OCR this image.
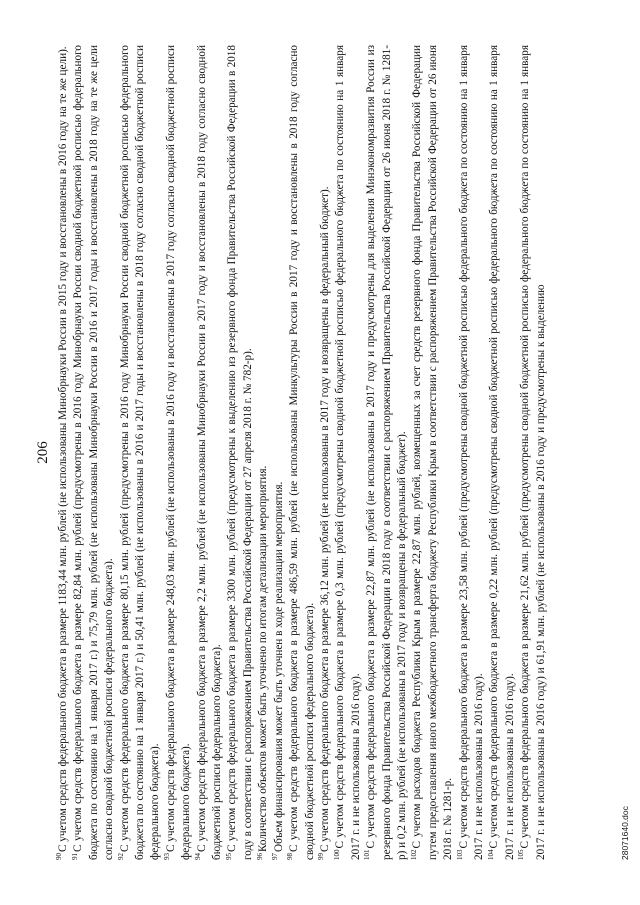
206

$^{90}$С учетом средств федерального бюджета в размере 1183,44 млн. рублей (не использованы Минобрнауки России в 2015 году и восстановлены в 2016 году на те же цели).

$^{91}$С учетом средств федерального бюджета в размере 82,84 млн. рублей (предусмотрены в 2016 году Минобрнауки России сводной бюджетной росписью федерального бюджета по состоянию на 1 января 2017 г.) и 75,79 млн. рублей (не использованы Минобрнауки России в 2016 и 2017 годы и восстановлены в 2018 году на те же цели согласно сводной бюджетной росписи федерального бюджета). $^{92}$С учетом средств федерального бюджета в размере 80,15 млн. рублей (предусмотрены в 2016 году Минобрнауки России сводной бюджетной росписью федерального бюджета по состоянию на 1 января 2017 г.) и 50,41 млн. рублей (не использованы в 2016 и 2017 годы и восстановлены в 2018 году согласно сводной бюджетной росписи федерального бюджета). $^{93}$С учетом средств федерального бюджета в размере 248,03 млн. рублей (не использованы в 2016 году и восстановлены в 2017 году согласно сводной бюджетной росписи федерального бюджета). $^{94}$С учетом средств федерального бюджета в размере 2,2 млн. рублей (не использованы Минобрнауки России в 2017 году и восстановлены в 2018 году согласно сводной бюджетной росписи федерального бюджета). $^{95}$С учетом средств федерального бюджета в размере 3300 млн. рублей (предусмотрены к выделению из резервного фонда Правительства Российской Федерации в 2018 году в соответствии с распоряжением Правительства Российской Федерации от 27 апреля 2018 г. № 782-р). $^{96}$Количество объектов может быть уточнено по итогам детализации мероприятия.

$^{97}$Объем финансирования может быть уточнен в ходе реализации мероприятия.

$^{98}$С учетом средств федерального бюджета в размере 486,59 млн. рублей (не использованы Минкультуры России в 2017 году и восстановлены в 2018 году согласно сводной бюджетной росписи федерального бюджета). $^{99}$С учетом средств федерального бюджета в размере 36,12 млн. рублей (не использованы в 2017 году и возвращены в федеральный бюджет).

$^{100}$С учетом средств федерального бюджета в размере 0,3 млн. рублей (предусмотрены сводной бюджетной росписью федерального бюджета по состоянию на 1 января 2017 г. и не использованы в 2016 году). $^{101}$С учетом средств федерального бюджета в размере 22,87 млн. рублей (не использованы в 2017 году и предусмотрены для выделения Минэкономразвития России из резервного фонда Правительства Российской Федерации в 2018 году в соответствии с распоряжением Правительства Российской Федерации от 26 июня 2018 г. № 1281-р) и 0,2 млн. рублей (не использованы в 2017 году и возвращены в федеральный бюджет). $^{102}$С учетом расходов бюджета Республики Крым в размере 22,87 млн. рублей, возмещенных за счет средств резервного фонда Правительства Российской Федерации путем предоставления иного межбюджетного трансферта бюджету Республики Крым в соответствии с распоряжением Правительства Российской Федерации от 26 июня 2018 г. № 1281-р. $^{103}$С учетом средств федерального бюджета в размере 23,58 млн. рублей (предусмотрены сводной бюджетной росписью федерального бюджета по состоянию на 1 января 2017 г. и не использованы в 2016 году). $^{104}$С учетом средств федерального бюджета в размере 0,22 млн. рублей (предусмотрены сводной бюджетной росписью федерального бюджета по состоянию на 1 января 2017 г. и не использованы в 2016 году). $^{105}$С учетом средств федерального бюджета в размере 21,62 млн. рублей (предусмотрены сводной бюджетной росписью федерального бюджета по состоянию на 1 января 2017 г. и не использованы в 2016 году) и 61,91 млн. рублей (не использованы в 2016 году и предусмотрены к выделению	28071640.doc
